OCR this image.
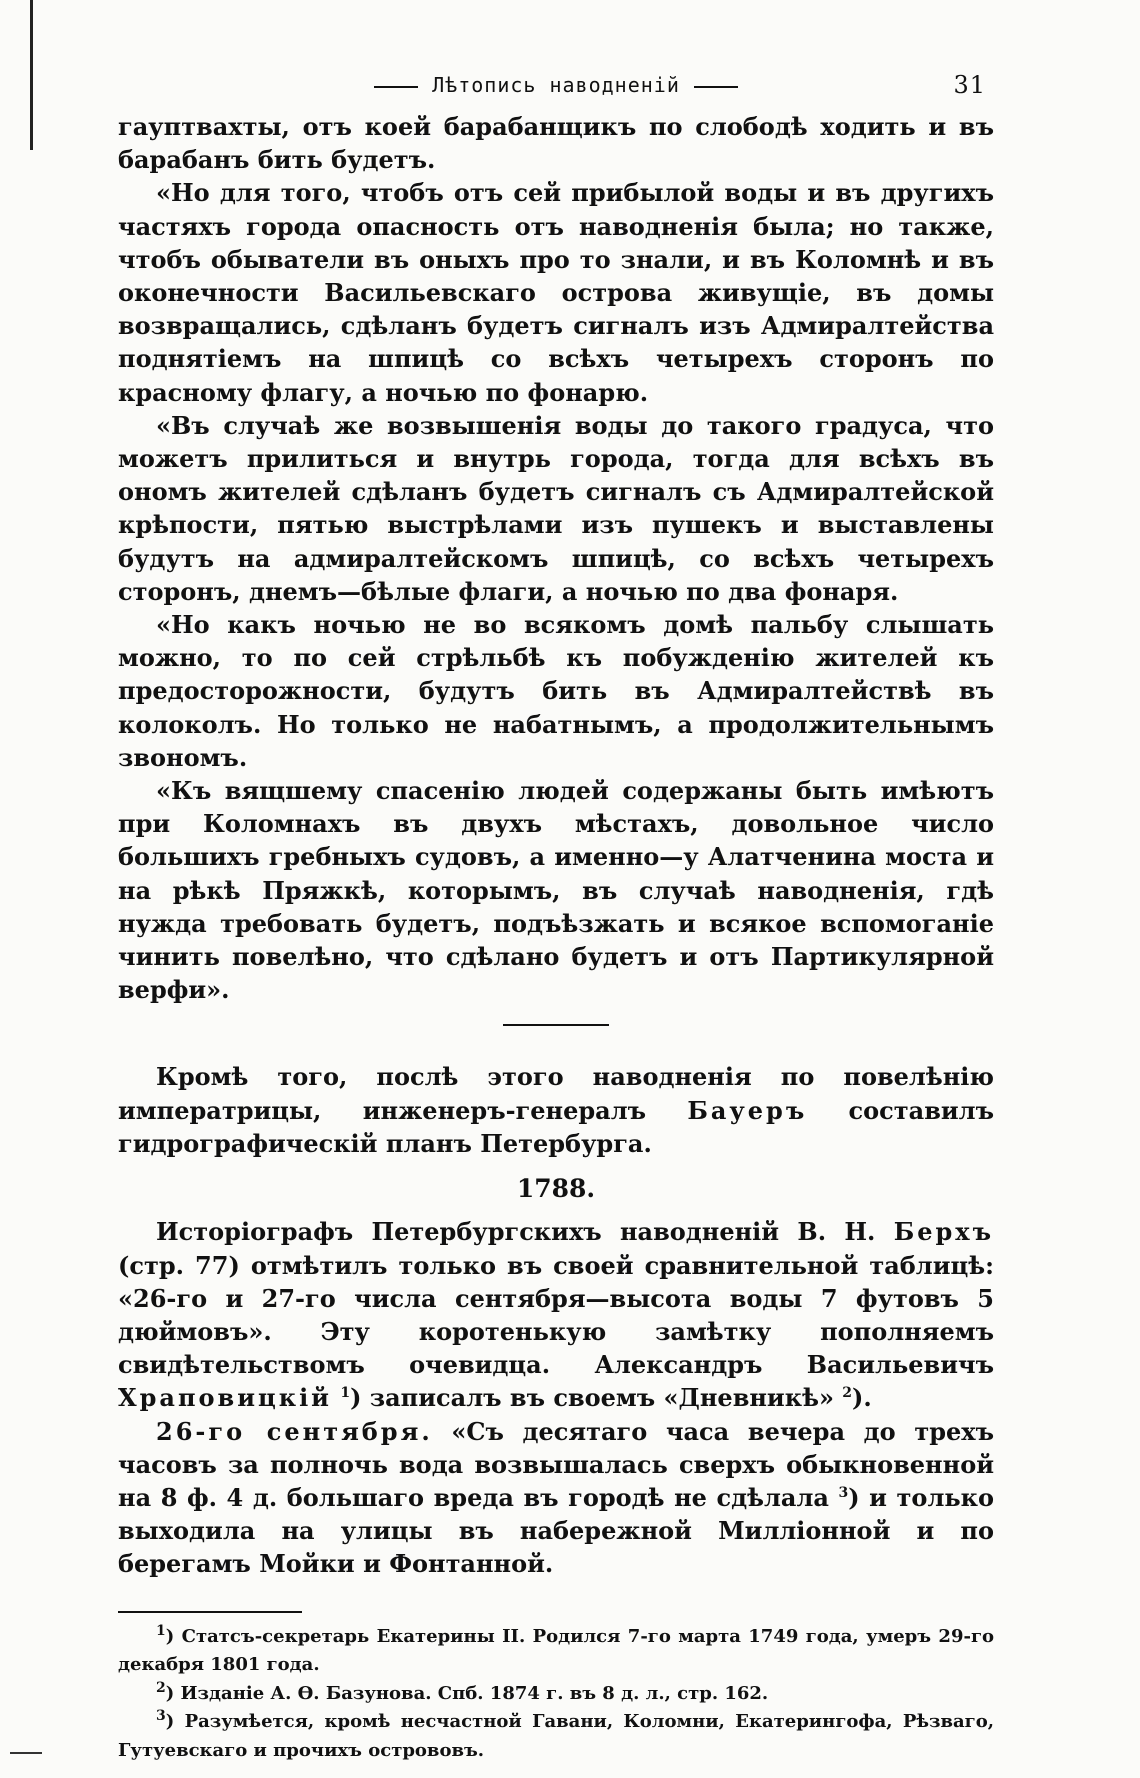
Лѣтопись наводненій	31

гауптвахты, отъ коей барабанщикъ по слободѣ ходить и въ барабанъ бить будетъ.

«Но для того, чтобъ отъ сей прибылой воды и въ другихъ частяхъ города опасность отъ наводненія была; но также, чтобъ обыватели въ оныхъ про то знали, и въ Коломнѣ и въ оконечности Васильевскаго острова живущіе, въ домы возвращались, сдѣланъ будетъ сигналъ изъ Адмиралтейства поднятіемъ на шпицѣ со всѣхъ четырехъ сторонъ по красному флагу, а ночью по фонарю.

«Въ случаѣ же возвышенія воды до такого градуса, что можетъ прилиться и внутрь города, тогда для всѣхъ въ ономъ жителей сдѣланъ будетъ сигналъ съ Адмиралтейской крѣпости, пятью выстрѣлами изъ пушекъ и выставлены будутъ на адмиралтейскомъ шпицѣ, со всѣхъ четырехъ сторонъ, днемъ—бѣлые флаги, а ночью по два фонаря.

«Но какъ ночью не во всякомъ домѣ пальбу слышать можно, то по сей стрѣльбѣ къ побужденію жителей къ предосторожности, будутъ бить въ Адмиралтействѣ въ колоколъ. Но только не набатнымъ, а продолжительнымъ звономъ.

«Къ вящшему спасенію людей содержаны быть имѣютъ при Коломнахъ въ двухъ мѣстахъ, довольное число большихъ гребныхъ судовъ, а именно—у Алатченина моста и на рѣкѣ Пряжкѣ, которымъ, въ случаѣ наводненія, гдѣ нужда требовать будетъ, подъѣзжать и всякое вспомоганіе чинить повелѣно, что сдѣлано будетъ и отъ Партикулярной верфи».

Кромѣ того, послѣ этого наводненія по повелѣнію императрицы, инженеръ-генералъ Бауеръ составилъ гидрографическій планъ Петербурга.

1788.

Исторіографъ Петербургскихъ наводненій В. Н. Берхъ (стр. 77) отмѣтилъ только въ своей сравнительной таблицѣ: «26-го и 27-го числа сентября—высота воды 7 футовъ 5 дюймовъ». Эту коротенькую замѣтку пополняемъ свидѣтельствомъ очевидца. Александръ Васильевичъ Храповицкій $^1$) записалъ въ своемъ «Дневникѣ» $^2$).

26-го сентября. «Съ десятаго часа вечера до трехъ часовъ за полночь вода возвышалась сверхъ обыкновенной на 8 ф. 4 д. большаго вреда въ городѣ не сдѣлала $^3$) и только выходила на улицы въ набережной Милліонной и по берегамъ Мойки и Фонтанной.

$^1$) Статсъ-секретарь Екатерины II. Родился 7-го марта 1749 года, умеръ 29-го декабря 1801 года.

$^2$) Изданіе А. Ѳ. Базунова. Спб. 1874 г. въ 8 д. л., стр. 162.

$^3$) Разумѣется, кромѣ несчастной Гавани, Коломни, Екатерингофа, Рѣзваго, Гутуевскаго и прочихъ острововъ.
